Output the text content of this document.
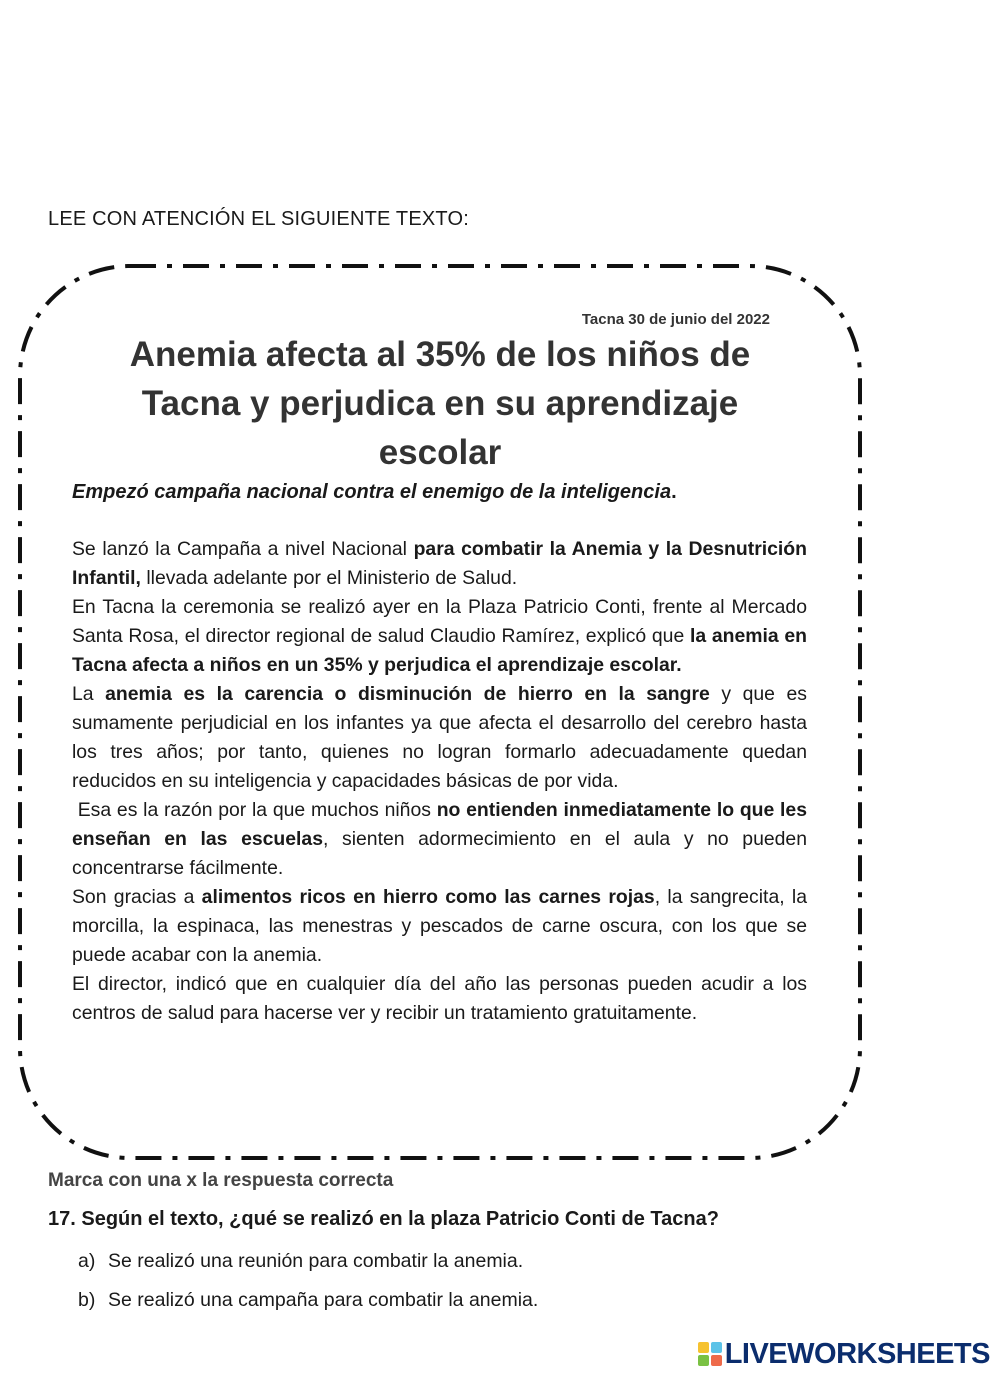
LEE CON ATENCIÓN EL SIGUIENTE TEXTO:
Tacna 30 de junio del 2022
Anemia afecta al 35% de los niños de Tacna y perjudica en su aprendizaje escolar
Empezó campaña nacional contra el enemigo de la inteligencia.

Se lanzó la Campaña a nivel Nacional para combatir la Anemia y la Desnutrición Infantil, llevada adelante por el Ministerio de Salud.

En Tacna la ceremonia se realizó ayer en la Plaza Patricio Conti, frente al Mercado Santa Rosa, el director regional de salud Claudio Ramírez, explicó que la anemia en Tacna afecta a niños en un 35% y perjudica el aprendizaje escolar.

La anemia es la carencia o disminución de hierro en la sangre y que es sumamente perjudicial en los infantes ya que afecta el desarrollo del cerebro hasta los tres años; por tanto, quienes no logran formarlo adecuadamente quedan reducidos en su inteligencia y capacidades básicas de por vida.

Esa es la razón por la que muchos niños no entienden inmediatamente lo que les enseñan en las escuelas, sienten adormecimiento en el aula y no pueden concentrarse fácilmente.

Son gracias a alimentos ricos en hierro como las carnes rojas, la sangrecita, la morcilla, la espinaca, las menestras y pescados de carne oscura, con los que se puede acabar con la anemia.

El director, indicó que en cualquier día del año las personas pueden acudir a los centros de salud para hacerse ver y recibir un tratamiento gratuitamente.

Marca con una x la respuesta correcta
17. Según el texto, ¿qué se realizó en la plaza Patricio Conti de Tacna?
a) Se realizó una reunión para combatir la anemia.
b) Se realizó una campaña para combatir la anemia.
LIVEWORKSHEETS
